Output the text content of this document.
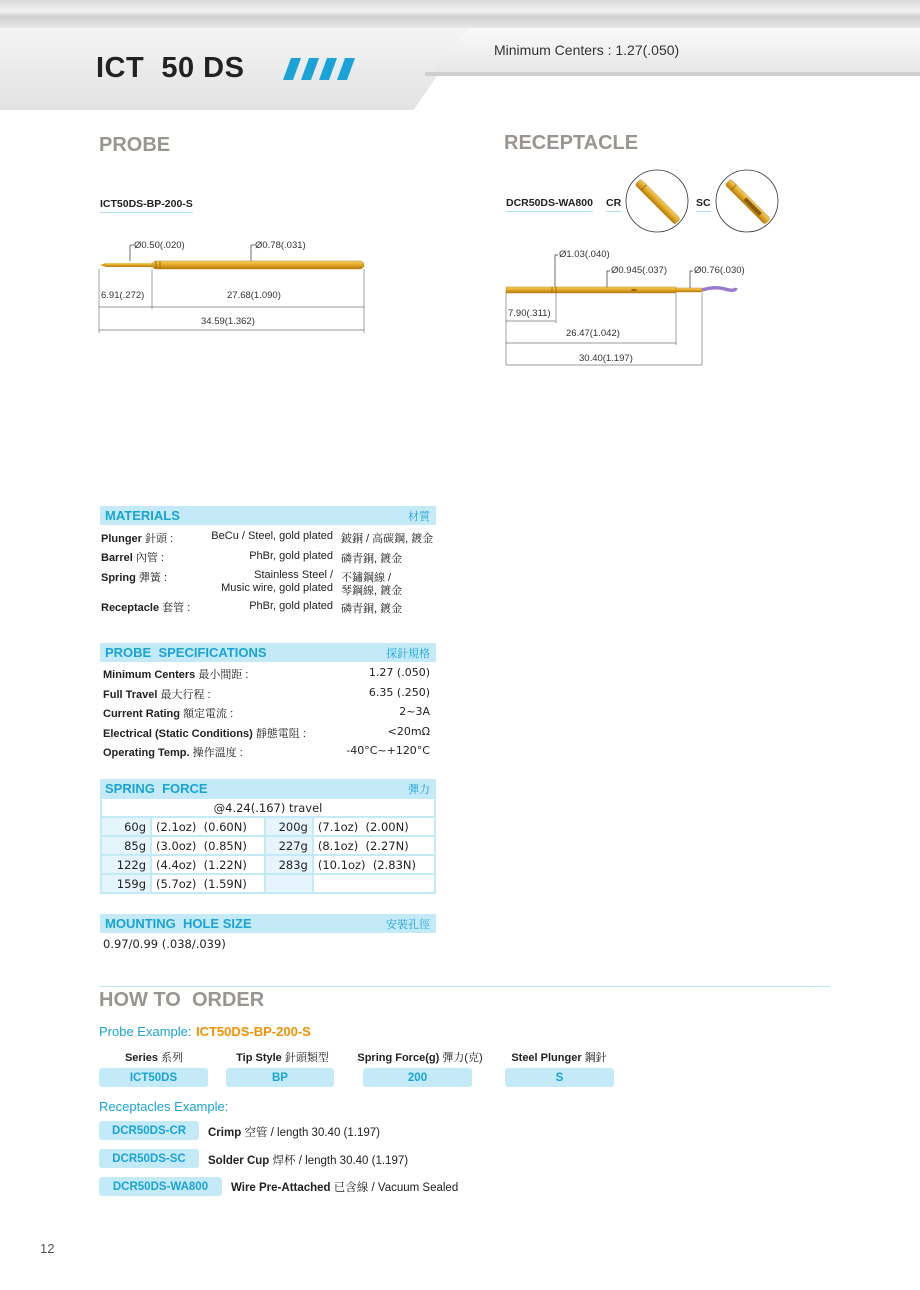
ICT  50 DS
Minimum Centers : 1.27(.050)
PROBE
ICT50DS-BP-200-S
Ø0.50(.020)	Ø0.78(.031)
6.91(.272)	27.68(1.090)
34.59(1.362)
RECEPTACLE
DCR50DS-WA800 CR	SC
Ø1.03(.040)
Ø0.945(.037)	Ø0.76(.030)
7.90(.311)
26.47(1.042)
30.40(1.197)
MATERIALS	材質
Plunger 針頭 :	BeCu / Steel, gold plated 鈹銅 / 高碳鋼, 鍍金
Barrel 內管 :	PhBr, gold plated 磷青銅, 鍍金
Spring 彈簧 :	Stainless Steel /
Music wire, gold plated
不鏽鋼線 /
琴鋼線, 鍍金
Receptacle 套管 :	PhBr, gold plated 磷青銅, 鍍金
PROBE  SPECIFICATIONS	探針規格
Minimum Centers 最小間距 :	1.27 (.050)
Full Travel 最大行程 :	6.35 (.250)
Current Rating 額定電流 :	2~3A
Electrical (Static Conditions) 靜態電阻 :	<20mΩ
Operating Temp. 操作溫度 :	-40°C~+120°C
SPRING  FORCE	彈力
@4.24(.167) travel			
60g	(2.1oz)  (0.60N)	200g	(7.1oz)  (2.00N)
85g	(3.0oz)  (0.85N)	227g	(8.1oz)  (2.27N)
122g	(4.4oz)  (1.22N)	283g	(10.1oz)  (2.83N)
159g	(5.7oz)  (1.59N)		
MOUNTING  HOLE SIZE	安裝孔徑
0.97/0.99 (.038/.039)
HOW TO  ORDER
Probe Example: ICT50DS-BP-200-S
Series 系列	Tip Style 針頭類型	Spring Force(g) 彈力(克)	Steel Plunger 鋼針
ICT50DS	BP	200	S
Receptacles Example:
DCR50DS-CR	Crimp 空管 / length 30.40 (1.197)
DCR50DS-SC	Solder Cup 焊杯 / length 30.40 (1.197)
DCR50DS-WA800	Wire Pre-Attached 已含線 / Vacuum Sealed
12
